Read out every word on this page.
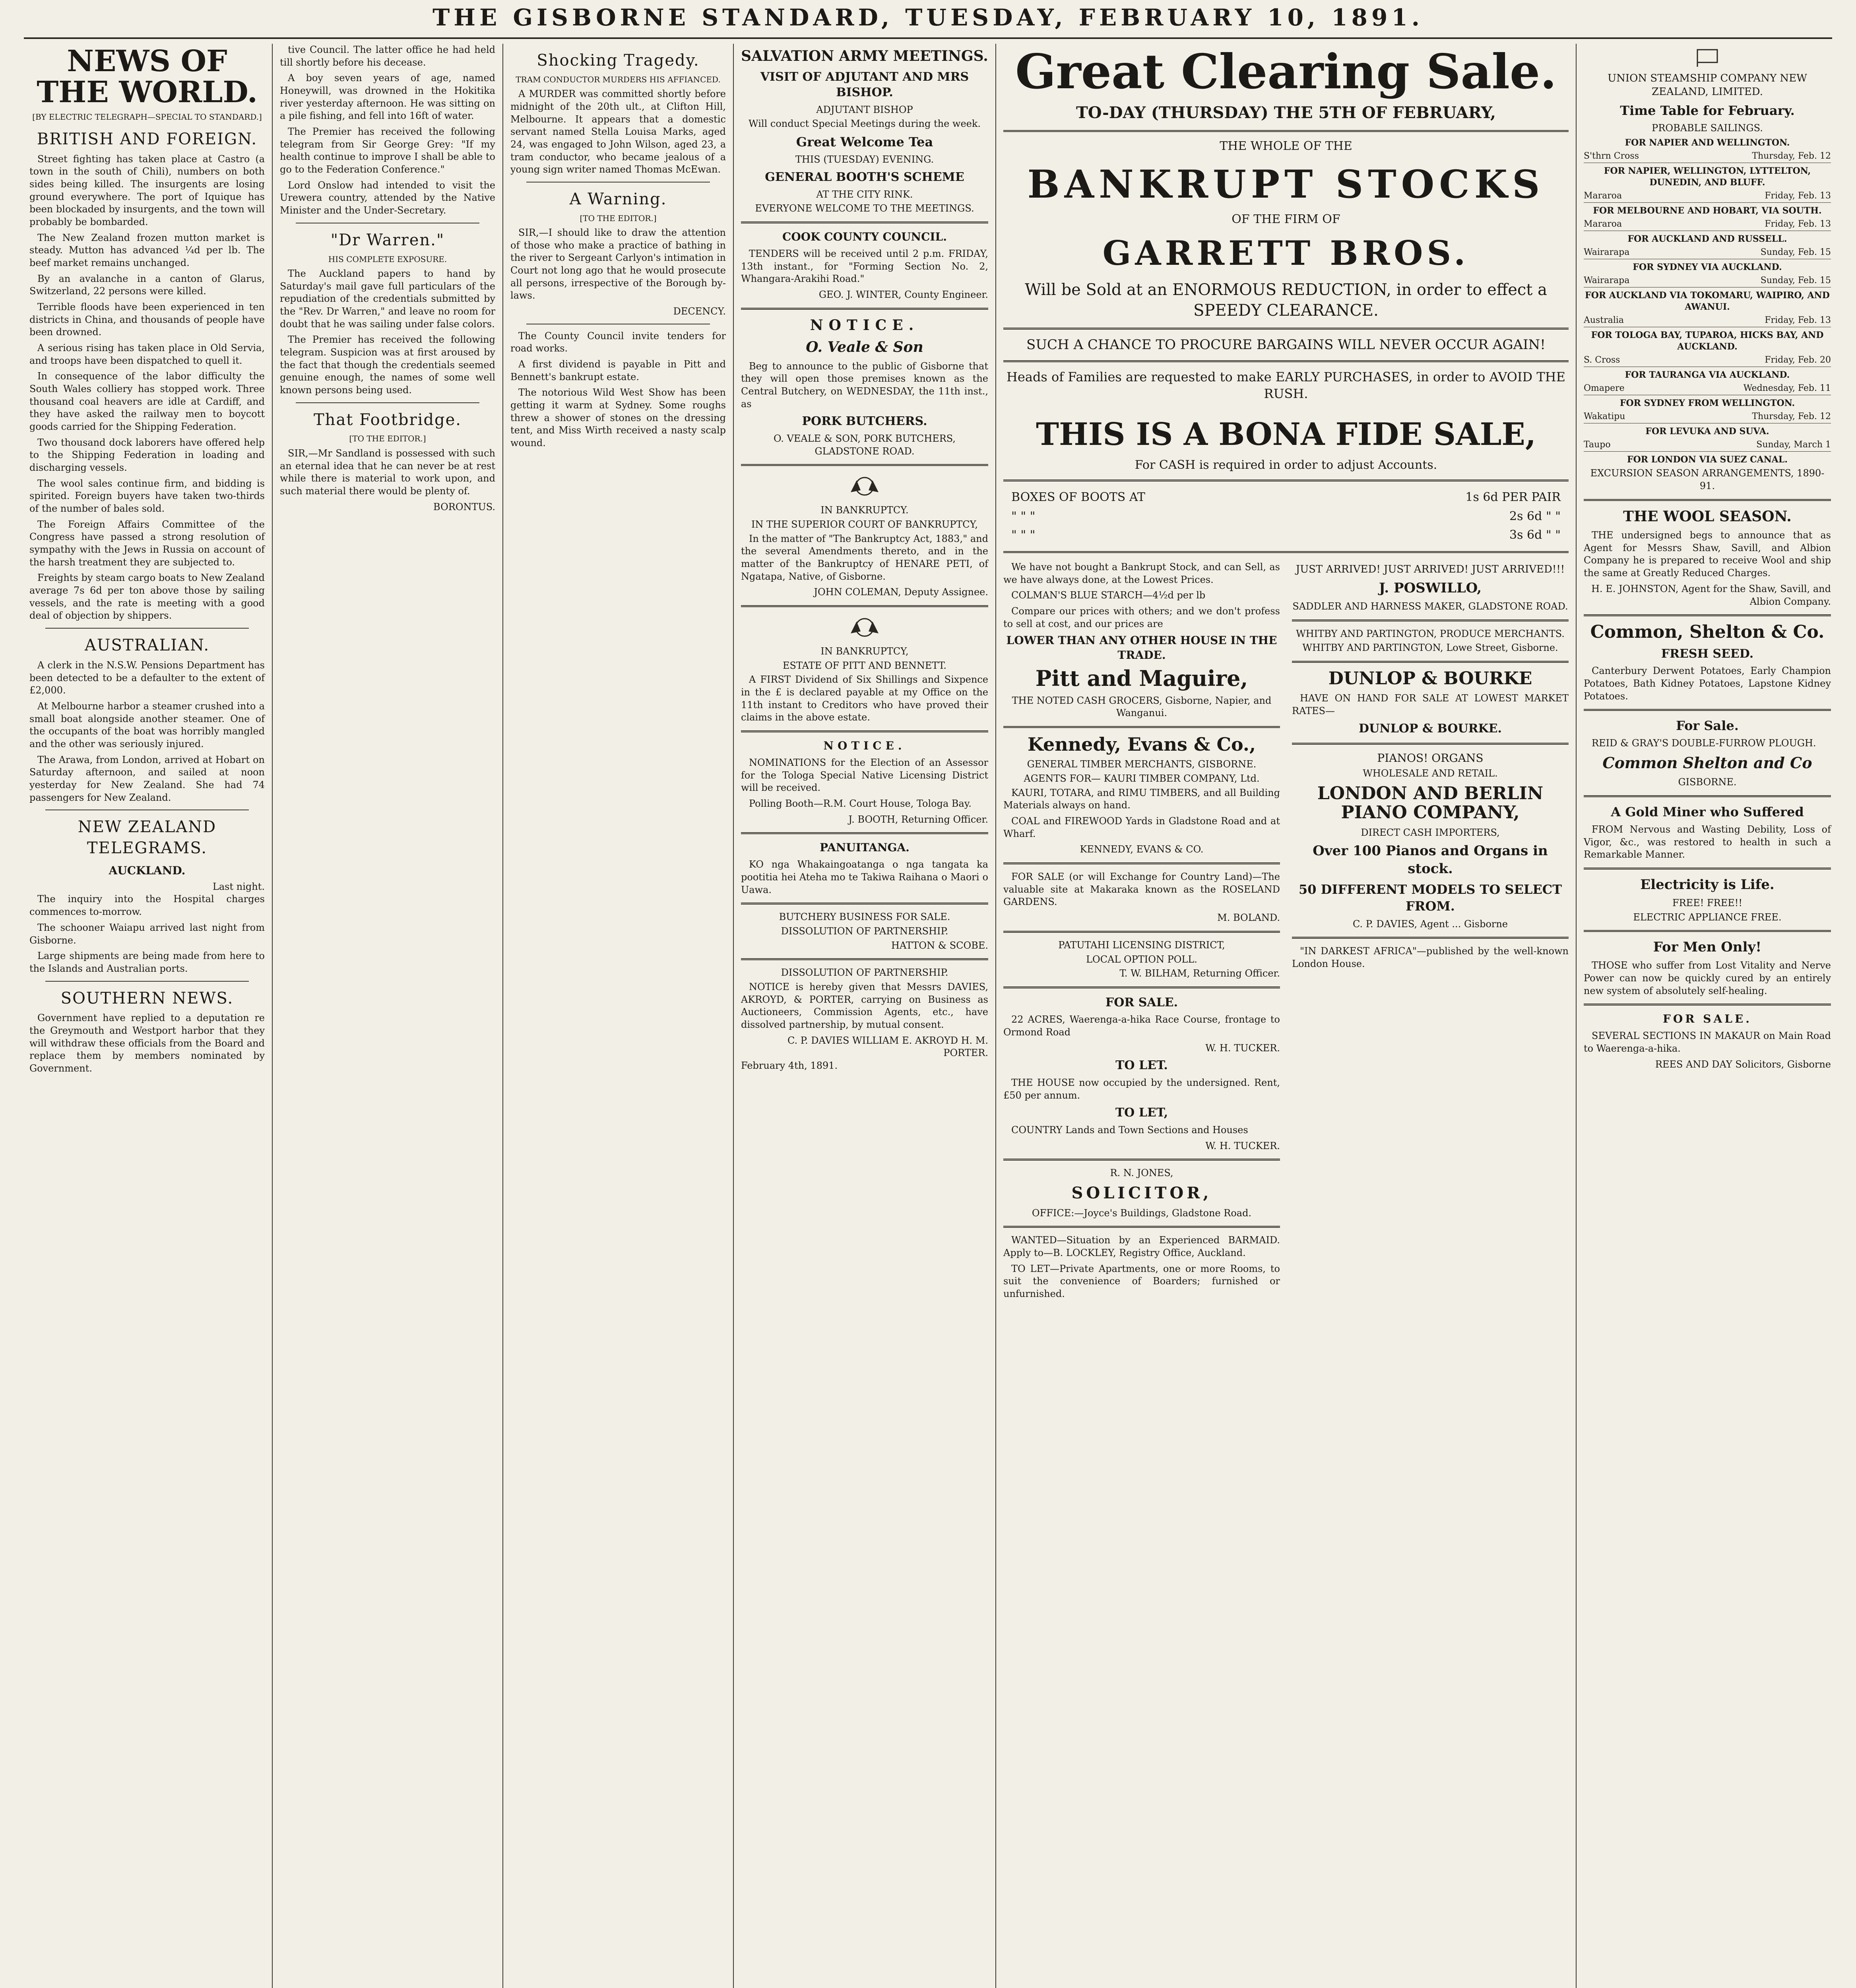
THE GISBORNE STANDARD, TUESDAY, FEBRUARY 10, 1891.
NEWS OF THE WORLD.
[BY ELECTRIC TELEGRAPH—SPECIAL TO STANDARD.]
BRITISH AND FOREIGN.

Street fighting has taken place at Castro (a town in the south of Chili), numbers on both sides being killed. The insurgents are losing ground everywhere. The port of Iquique has been blockaded by insurgents, and the town will probably be bombarded.

The New Zealand frozen mutton market is steady. Mutton has advanced ¼d per lb. The beef market remains unchanged.

By an avalanche in a canton of Glarus, Switzerland, 22 persons were killed.

Terrible floods have been experienced in ten districts in China, and thousands of people have been drowned.

A serious rising has taken place in Old Servia, and troops have been dispatched to quell it.

In consequence of the labor difficulty the South Wales colliery has stopped work. Three thousand coal heavers are idle at Cardiff, and they have asked the railway men to boycott goods carried for the Shipping Federation.

Two thousand dock laborers have offered help to the Shipping Federation in loading and discharging vessels.

The wool sales continue firm, and bidding is spirited. Foreign buyers have taken two-thirds of the number of bales sold.

The Foreign Affairs Committee of the Congress have passed a strong resolution of sympathy with the Jews in Russia on account of the harsh treatment they are subjected to.

Freights by steam cargo boats to New Zealand average 7s 6d per ton above those by sailing vessels, and the rate is meeting with a good deal of objection by shippers.

AUSTRALIAN.

A clerk in the N.S.W. Pensions Department has been detected to be a defaulter to the extent of £2,000.

At Melbourne harbor a steamer crushed into a small boat alongside another steamer. One of the occupants of the boat was horribly mangled and the other was seriously injured.

The Arawa, from London, arrived at Hobart on Saturday afternoon, and sailed at noon yesterday for New Zealand. She had 74 passengers for New Zealand.

NEW ZEALAND TELEGRAMS.
AUCKLAND.
Last night.

The inquiry into the Hospital charges commences to-morrow.

The schooner Waiapu arrived last night from Gisborne.

Large shipments are being made from here to the Islands and Australian ports.

SOUTHERN NEWS.

Government have replied to a deputation re the Greymouth and Westport harbor that they will withdraw these officials from the Board and replace them by members nominated by Government.

tive Council. The latter office he had held till shortly before his decease.

A boy seven years of age, named Honeywill, was drowned in the Hokitika river yesterday afternoon. He was sitting on a pile fishing, and fell into 16ft of water.

The Premier has received the following telegram from Sir George Grey: "If my health continue to improve I shall be able to go to the Federation Conference."

Lord Onslow had intended to visit the Urewera country, attended by the Native Minister and the Under-Secretary.

"Dr Warren."
HIS COMPLETE EXPOSURE.

The Auckland papers to hand by Saturday's mail gave full particulars of the repudiation of the credentials submitted by the "Rev. Dr Warren," and leave no room for doubt that he was sailing under false colors.

The Premier has received the following telegram. Suspicion was at first aroused by the fact that though the credentials seemed genuine enough, the names of some well known persons being used.

That Footbridge.
[TO THE EDITOR.]

SIR,—Mr Sandland is possessed with such an eternal idea that he can never be at rest while there is material to work upon, and such material there would be plenty of.

BORONTUS.
Shocking Tragedy.
TRAM CONDUCTOR MURDERS HIS AFFIANCED.

A MURDER was committed shortly before midnight of the 20th ult., at Clifton Hill, Melbourne. It appears that a domestic servant named Stella Louisa Marks, aged 24, was engaged to John Wilson, aged 23, a tram conductor, who became jealous of a young sign writer named Thomas McEwan.

A Warning.
[TO THE EDITOR.]

SIR,—I should like to draw the attention of those who make a practice of bathing in the river to Sergeant Carlyon's intimation in Court not long ago that he would prosecute all persons, irrespective of the Borough by-laws.

DECENCY.

The County Council invite tenders for road works.

A first dividend is payable in Pitt and Bennett's bankrupt estate.

The notorious Wild West Show has been getting it warm at Sydney. Some roughs threw a shower of stones on the dressing tent, and Miss Wirth received a nasty scalp wound.

SALVATION ARMY MEETINGS.
VISIT OF ADJUTANT AND MRS BISHOP.
ADJUTANT BISHOP
Will conduct Special Meetings during the week.
Great Welcome Tea
THIS (TUESDAY) EVENING.
GENERAL BOOTH'S SCHEME
AT THE CITY RINK.
EVERYONE WELCOME TO THE MEETINGS.
COOK COUNTY COUNCIL.

TENDERS will be received until 2 p.m. FRIDAY, 13th instant., for "Forming Section No. 2, Whangara-Arakihi Road."

GEO. J. WINTER, County Engineer.
NOTICE.
O. Veale & Son

Beg to announce to the public of Gisborne that they will open those premises known as the Central Butchery, on WEDNESDAY, the 11th inst., as

PORK BUTCHERS.
O. VEALE & SON, PORK BUTCHERS, GLADSTONE ROAD.
IN BANKRUPTCY.
IN THE SUPERIOR COURT OF BANKRUPTCY,

In the matter of "The Bankruptcy Act, 1883," and the several Amendments thereto, and in the matter of the Bankruptcy of HENARE PETI, of Ngatapa, Native, of Gisborne.

JOHN COLEMAN, Deputy Assignee.
IN BANKRUPTCY,
ESTATE OF PITT AND BENNETT.

A FIRST Dividend of Six Shillings and Sixpence in the £ is declared payable at my Office on the 11th instant to Creditors who have proved their claims in the above estate.

NOTICE.

NOMINATIONS for the Election of an Assessor for the Tologa Special Native Licensing District will be received.

Polling Booth—R.M. Court House, Tologa Bay.

J. BOOTH, Returning Officer.
PANUITANGA.

KO nga Whakaingoatanga o nga tangata ka pootitia hei Ateha mo te Takiwa Raihana o Maori o Uawa.

BUTCHERY BUSINESS FOR SALE.
DISSOLUTION OF PARTNERSHIP.
HATTON & SCOBE.
DISSOLUTION OF PARTNERSHIP.

NOTICE is hereby given that Messrs DAVIES, AKROYD, & PORTER, carrying on Business as Auctioneers, Commission Agents, etc., have dissolved partnership, by mutual consent.

C. P. DAVIES WILLIAM E. AKROYD H. M. PORTER.
February 4th, 1891.
Great Clearing Sale.
TO-DAY (THURSDAY) THE 5TH OF FEBRUARY,
THE WHOLE OF THE
BANKRUPT STOCKS
OF THE FIRM OF
GARRETT BROS.
Will be Sold at an ENORMOUS REDUCTION, in order to effect a SPEEDY CLEARANCE.
SUCH A CHANCE TO PROCURE BARGAINS WILL NEVER OCCUR AGAIN!
Heads of Families are requested to make EARLY PURCHASES, in order to AVOID THE RUSH.
THIS IS A BONA FIDE SALE,
For CASH is required in order to adjust Accounts.
BOXES OF BOOTS AT	1s 6d PER PAIR
" " "	2s 6d " "
" " "	3s 6d " "

We have not bought a Bankrupt Stock, and can Sell, as we have always done, at the Lowest Prices.

COLMAN'S BLUE STARCH—4½d per lb

Compare our prices with others; and we don't profess to sell at cost, and our prices are

LOWER THAN ANY OTHER HOUSE IN THE TRADE.
Pitt and Maguire,
THE NOTED CASH GROCERS, Gisborne, Napier, and Wanganui.
Kennedy, Evans & Co.,
GENERAL TIMBER MERCHANTS, GISBORNE.
AGENTS FOR— KAURI TIMBER COMPANY, Ltd.

KAURI, TOTARA, and RIMU TIMBERS, and all Building Materials always on hand.

COAL and FIREWOOD Yards in Gladstone Road and at Wharf.

KENNEDY, EVANS & CO.

FOR SALE (or will Exchange for Country Land)—The valuable site at Makaraka known as the ROSELAND GARDENS.

M. BOLAND.
PATUTAHI LICENSING DISTRICT,
LOCAL OPTION POLL.
T. W. BILHAM, Returning Officer.
FOR SALE.

22 ACRES, Waerenga-a-hika Race Course, frontage to Ormond Road

W. H. TUCKER.
TO LET.

THE HOUSE now occupied by the undersigned. Rent, £50 per annum.

TO LET,

COUNTRY Lands and Town Sections and Houses

W. H. TUCKER.
R. N. JONES,
SOLICITOR,
OFFICE:—Joyce's Buildings, Gladstone Road.

WANTED—Situation by an Experienced BARMAID. Apply to—B. LOCKLEY, Registry Office, Auckland.

TO LET—Private Apartments, one or more Rooms, to suit the convenience of Boarders; furnished or unfurnished.

JUST ARRIVED! JUST ARRIVED! JUST ARRIVED!!!
J. POSWILLO,
SADDLER AND HARNESS MAKER, GLADSTONE ROAD.
WHITBY AND PARTINGTON, PRODUCE MERCHANTS.
WHITBY AND PARTINGTON, Lowe Street, Gisborne.
DUNLOP & BOURKE

HAVE ON HAND FOR SALE AT LOWEST MARKET RATES—

DUNLOP & BOURKE.
PIANOS! ORGANS
WHOLESALE AND RETAIL.
LONDON AND BERLIN PIANO COMPANY,
DIRECT CASH IMPORTERS,
Over 100 Pianos and Organs in stock.
50 DIFFERENT MODELS TO SELECT FROM.
C. P. DAVIES, Agent ... Gisborne

"IN DARKEST AFRICA"—published by the well-known London House.

UNION STEAMSHIP COMPANY NEW ZEALAND, LIMITED.
Time Table for February.
PROBABLE SAILINGS.
FOR NAPIER AND WELLINGTON.
S'thrn Cross	Thursday, Feb. 12
FOR NAPIER, WELLINGTON, LYTTELTON, DUNEDIN, AND BLUFF.
Mararoa	Friday, Feb. 13
FOR MELBOURNE AND HOBART, VIA SOUTH.
Mararoa	Friday, Feb. 13
FOR AUCKLAND AND RUSSELL.
Wairarapa	Sunday, Feb. 15
FOR SYDNEY VIA AUCKLAND.
Wairarapa	Sunday, Feb. 15
FOR AUCKLAND VIA TOKOMARU, WAIPIRO, AND AWANUI.
Australia	Friday, Feb. 13
FOR TOLOGA BAY, TUPAROA, HICKS BAY, AND AUCKLAND.
S. Cross	Friday, Feb. 20
FOR TAURANGA VIA AUCKLAND.
Omapere	Wednesday, Feb. 11
FOR SYDNEY FROM WELLINGTON.
Wakatipu	Thursday, Feb. 12
FOR LEVUKA AND SUVA.
Taupo	Sunday, March 1
FOR LONDON VIA SUEZ CANAL.
EXCURSION SEASON ARRANGEMENTS, 1890-91.
THE WOOL SEASON.

THE undersigned begs to announce that as Agent for Messrs Shaw, Savill, and Albion Company he is prepared to receive Wool and ship the same at Greatly Reduced Charges.

H. E. JOHNSTON, Agent for the Shaw, Savill, and Albion Company.
Common, Shelton & Co.
FRESH SEED.

Canterbury Derwent Potatoes, Early Champion Potatoes, Bath Kidney Potatoes, Lapstone Kidney Potatoes.

For Sale.

REID & GRAY'S DOUBLE-FURROW PLOUGH.

Common Shelton and Co
GISBORNE.
A Gold Miner who Suffered

FROM Nervous and Wasting Debility, Loss of Vigor, &c., was restored to health in such a Remarkable Manner.

Electricity is Life.
FREE! FREE!!
ELECTRIC APPLIANCE FREE.
For Men Only!

THOSE who suffer from Lost Vitality and Nerve Power can now be quickly cured by an entirely new system of absolutely self-healing.

FOR SALE.

SEVERAL SECTIONS IN MAKAUR on Main Road to Waerenga-a-hika.

REES AND DAY Solicitors, Gisborne
